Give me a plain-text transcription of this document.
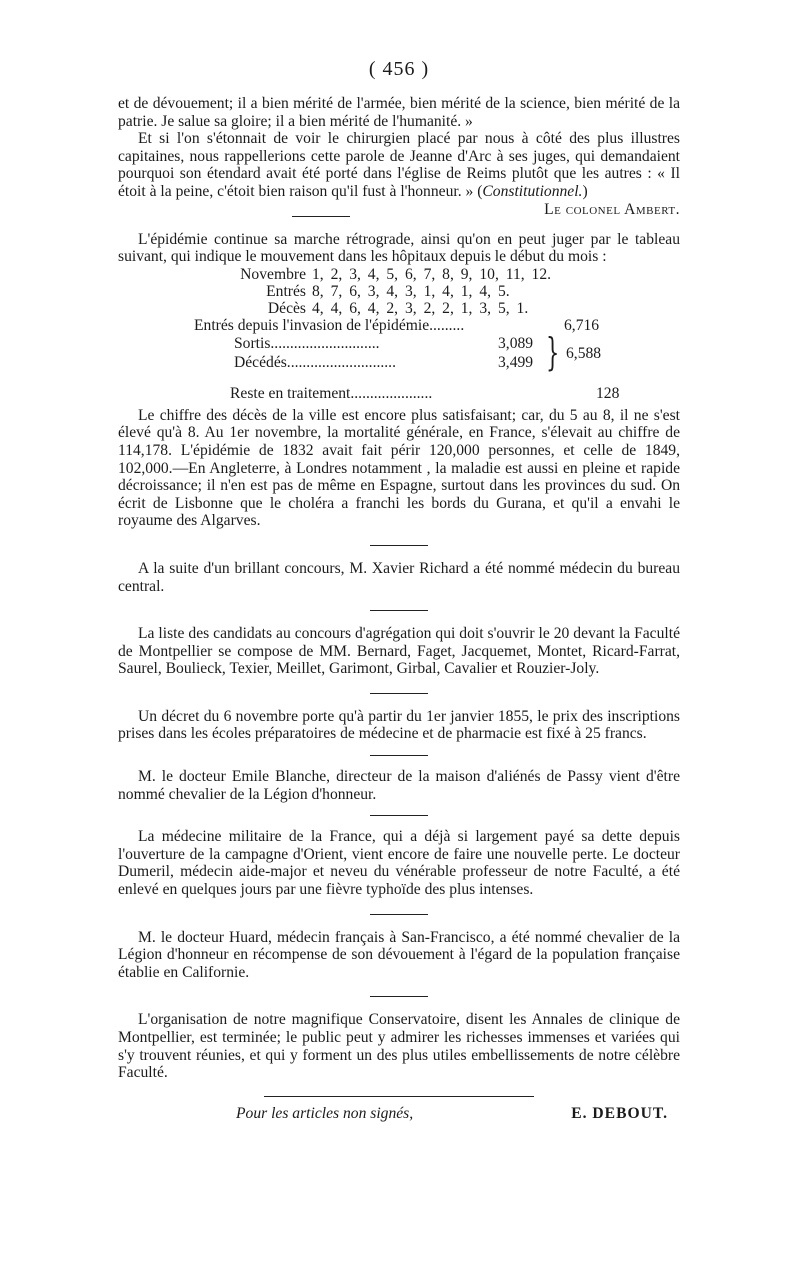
( 456 )

et de dévouement; il a bien mérité de l'armée, bien mérité de la science, bien mérité de la patrie. Je salue sa gloire; il a bien mérité de l'humanité. »

Et si l'on s'étonnait de voir le chirurgien placé par nous à côté des plus illustres capitaines, nous rappellerions cette parole de Jeanne d'Arc à ses juges, qui demandaient pourquoi son étendard avait été porté dans l'église de Reims plutôt que les autres : « Il étoit à la peine, c'étoit bien raison qu'il fust à l'honneur. » (Constitutionnel.)
Le colonel Ambert.

L'épidémie continue sa marche rétrograde, ainsi qu'on en peut juger par le tableau suivant, qui indique le mouvement dans les hôpitaux depuis le début du mois :

Novembre 1, 2, 3, 4, 5, 6, 7, 8, 9, 10, 11, 12.
Entrés 8, 7, 6, 3, 4, 3, 1, 4, 1, 4, 5.
Décès 4, 4, 6, 4, 2, 3, 2, 2, 1, 3, 5, 1.
Entrés depuis l'invasion de l'épidémie.........	6,716
Sortis............................	3,089
Décédés............................	3,499 } 6,588
Reste en traitement.....................	128

Le chiffre des décès de la ville est encore plus satisfaisant; car, du 5 au 8, il ne s'est élevé qu'à 8. Au 1er novembre, la mortalité générale, en France, s'élevait au chiffre de 114,178. L'épidémie de 1832 avait fait périr 120,000 personnes, et celle de 1849, 102,000.—En Angleterre, à Londres notamment , la maladie est aussi en pleine et rapide décroissance; il n'en est pas de même en Espagne, surtout dans les provinces du sud. On écrit de Lisbonne que le choléra a franchi les bords du Gurana, et qu'il a envahi le royaume des Algarves.

A la suite d'un brillant concours, M. Xavier Richard a été nommé médecin du bureau central.

La liste des candidats au concours d'agrégation qui doit s'ouvrir le 20 devant la Faculté de Montpellier se compose de MM. Bernard, Faget, Jacquemet, Montet, Ricard-Farrat, Saurel, Boulieck, Texier, Meillet, Garimont, Girbal, Cavalier et Rouzier-Joly.

Un décret du 6 novembre porte qu'à partir du 1er janvier 1855, le prix des inscriptions prises dans les écoles préparatoires de médecine et de pharmacie est fixé à 25 francs.

M. le docteur Emile Blanche, directeur de la maison d'aliénés de Passy vient d'être nommé chevalier de la Légion d'honneur.

La médecine militaire de la France, qui a déjà si largement payé sa dette depuis l'ouverture de la campagne d'Orient, vient encore de faire une nouvelle perte. Le docteur Dumeril, médecin aide-major et neveu du vénérable professeur de notre Faculté, a été enlevé en quelques jours par une fièvre typhoïde des plus intenses.

M. le docteur Huard, médecin français à San-Francisco, a été nommé chevalier de la Légion d'honneur en récompense de son dévouement à l'égard de la population française établie en Californie.

L'organisation de notre magnifique Conservatoire, disent les Annales de clinique de Montpellier, est terminée; le public peut y admirer les richesses immenses et variées qui s'y trouvent réunies, et qui y forment un des plus utiles embellissements de notre célèbre Faculté.

Pour les articles non signés,	E. DEBOUT.
